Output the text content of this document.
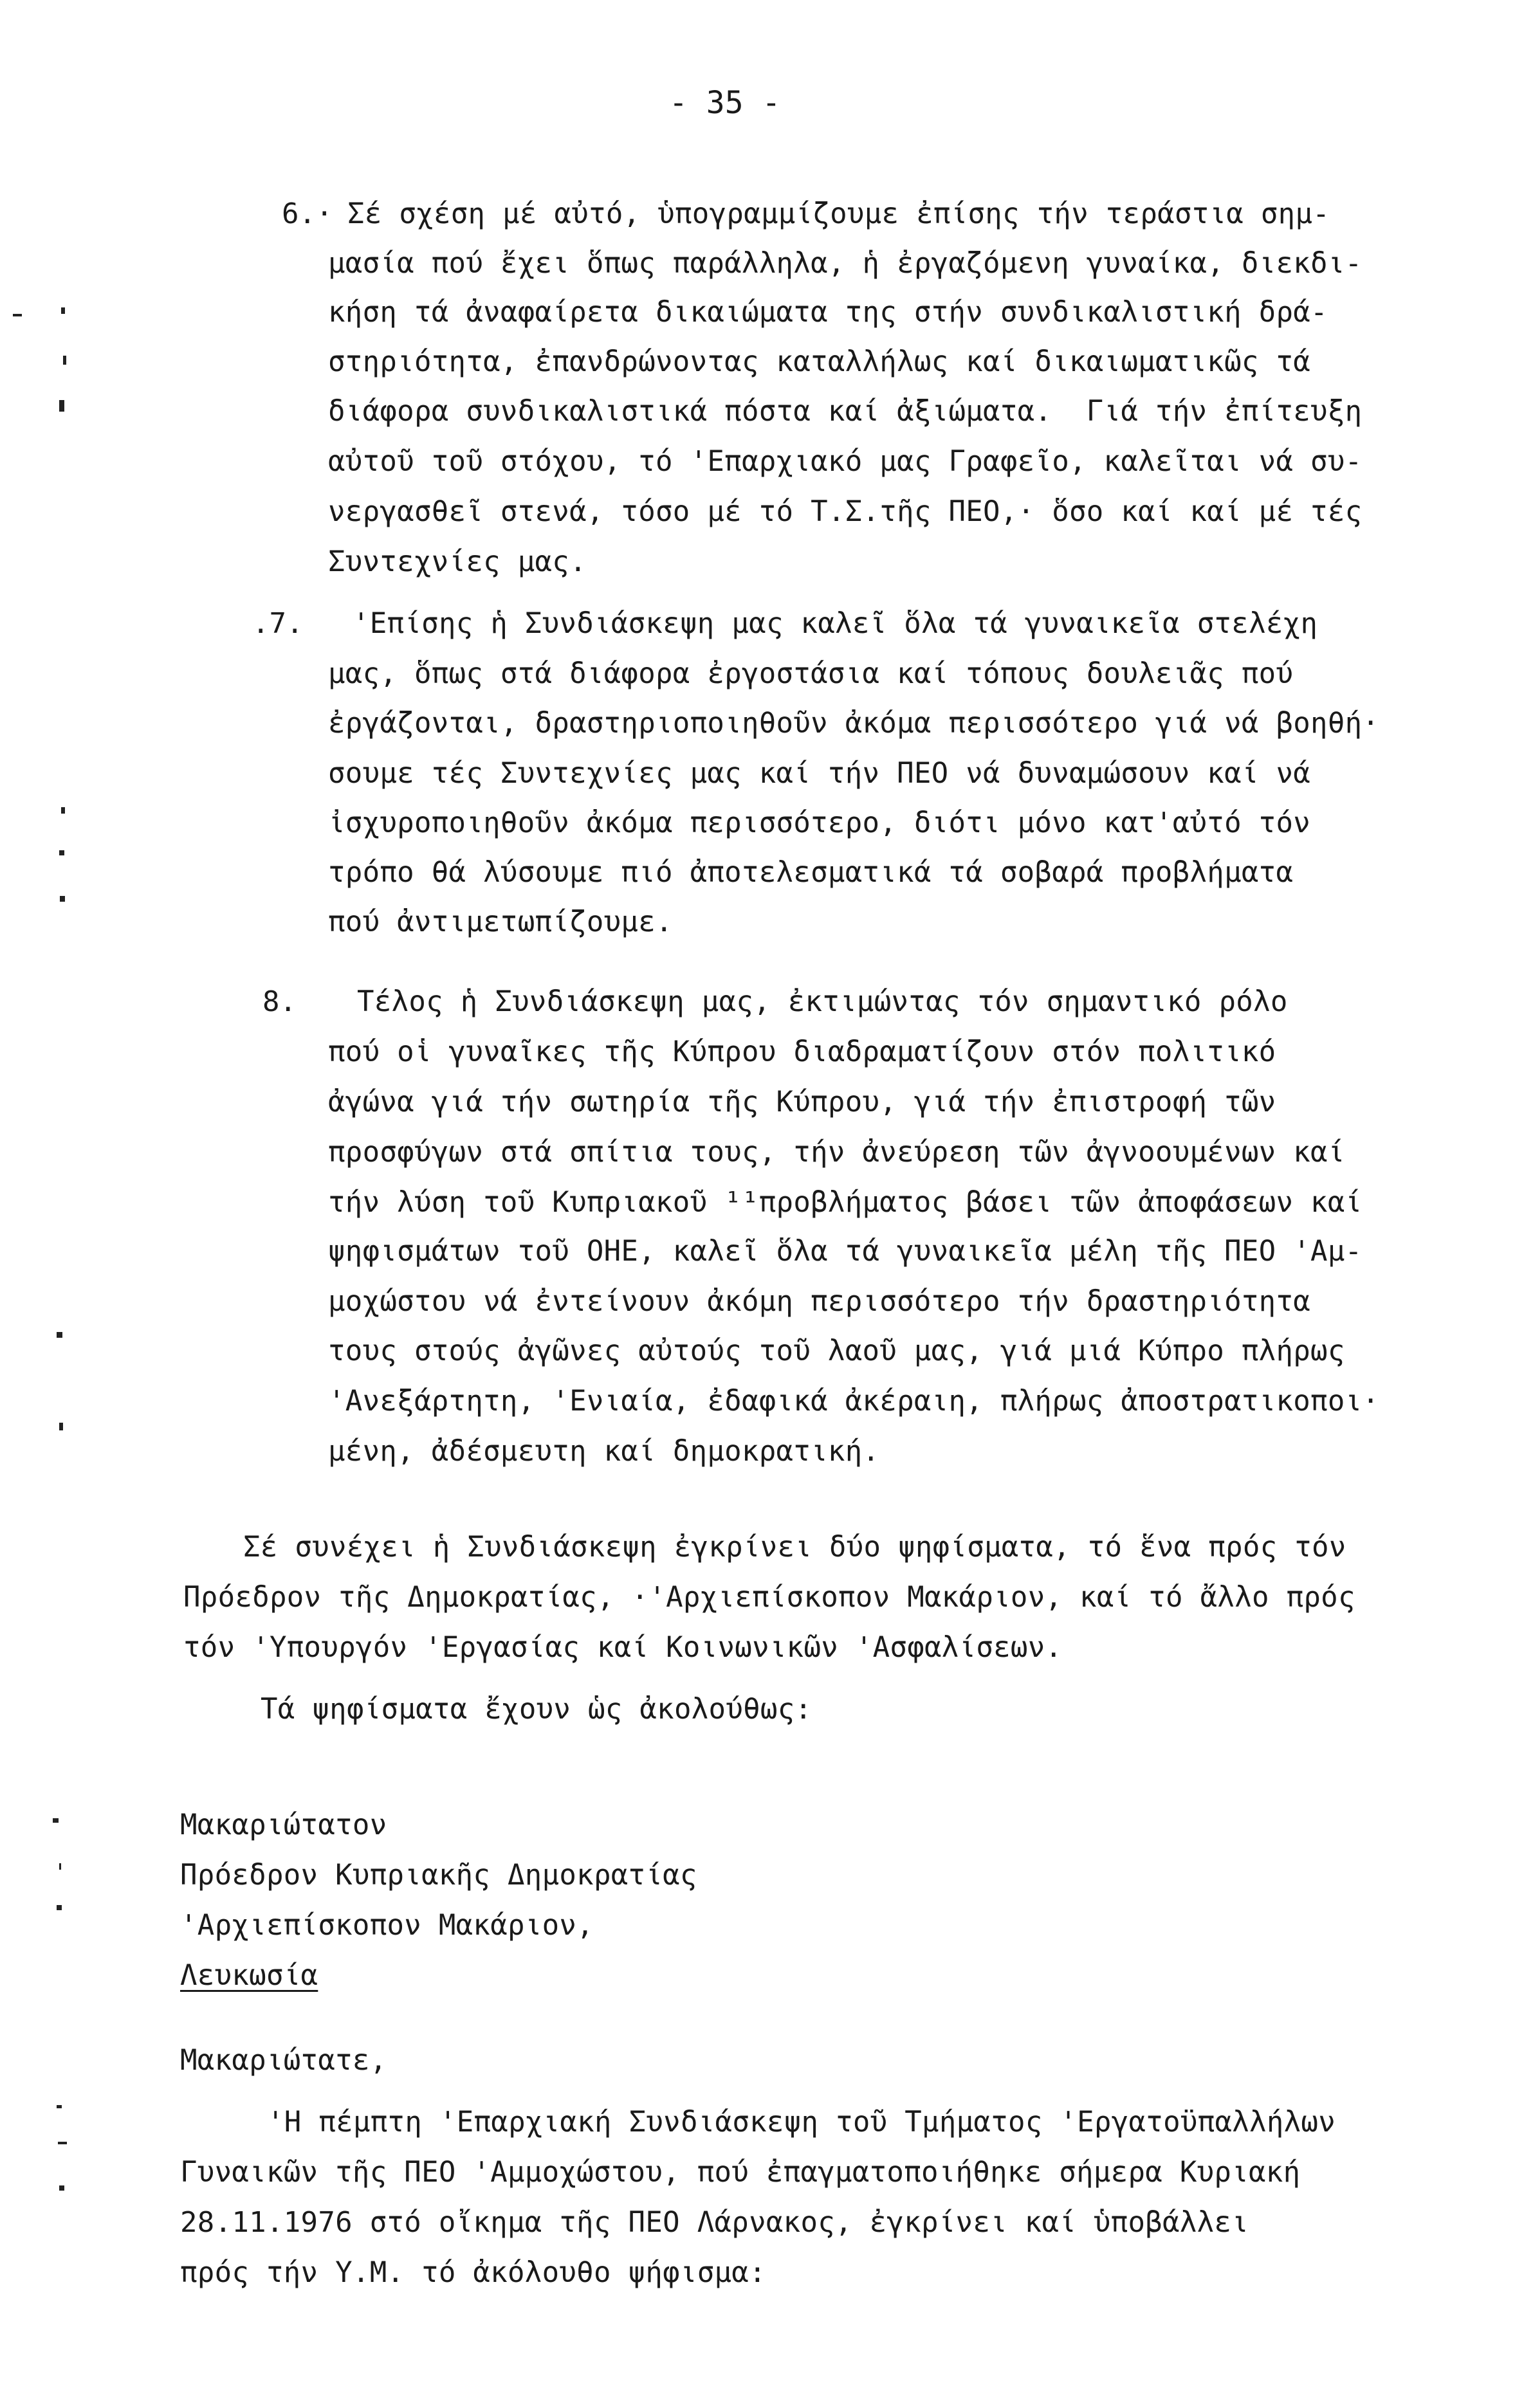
- 35 -
6.· Σέ σχέση μέ αὐτό, ὑπογραμμίζουμε ἐπίσης τήν τεράστια σημ-
μασία πού ἔχει ὅπως παράλληλα, ἡ ἐργαζόμενη γυναίκα, διεκδι-
κήση τά ἀναφαίρετα δικαιώματα της στήν συνδικαλιστική δρά-
στηριότητα, ἐπανδρώνοντας καταλλήλως καί δικαιωματικῶς τά
διάφορα συνδικαλιστικά πόστα καί ἀξιώματα.  Γιά τήν ἐπίτευξη
αὐτοῦ τοῦ στόχου, τό 'Επαρχιακό μας Γραφεῖο, καλεῖται νά συ-
νεργασθεῖ στενά, τόσο μέ τό Τ.Σ.τῆς ΠΕΟ,· ὅσο καί καί μέ τές
Συντεχνίες μας.
.7. 'Επίσης ἡ Συνδιάσκεψη μας καλεῖ ὅλα τά γυναικεῖα στελέχη
μας, ὅπως στά διάφορα ἐργοστάσια καί τόπους δουλειᾶς πού
ἐργάζονται, δραστηριοποιηθοῦν ἀκόμα περισσότερο γιά νά βοηθή·
σουμε τές Συντεχνίες μας καί τήν ΠΕΟ νά δυναμώσουν καί νά
ἰσχυροποιηθοῦν ἀκόμα περισσότερο, διότι μόνο κατ'αὐτό τόν
τρόπο θά λύσουμε πιό ἀποτελεσματικά τά σοβαρά προβλήματα
πού ἀντιμετωπίζουμε.
8. Τέλος ἡ Συνδιάσκεψη μας, ἐκτιμώντας τόν σημαντικό ρόλο
πού οἱ γυναῖκες τῆς Κύπρου διαδραματίζουν στόν πολιτικό
ἀγώνα γιά τήν σωτηρία τῆς Κύπρου, γιά τήν ἐπιστροφή τῶν
προσφύγων στά σπίτια τους, τήν ἀνεύρεση τῶν ἀγνοουμένων καί
τήν λύση τοῦ Κυπριακοῦ ¹¹προβλήματος βάσει τῶν ἀποφάσεων καί
ψηφισμάτων τοῦ ΟΗΕ, καλεῖ ὅλα τά γυναικεῖα μέλη τῆς ΠΕΟ 'Αμ-
μοχώστου νά ἐντείνουν ἀκόμη περισσότερο τήν δραστηριότητα
τους στούς ἀγῶνες αὐτούς τοῦ λαοῦ μας, γιά μιά Κύπρο πλήρως
'Ανεξάρτητη, 'Ενιαία, ἐδαφικά ἀκέραιη, πλήρως ἀποστρατικοποι·
μένη, ἀδέσμευτη καί δημοκρατική.
Σέ συνέχει ἡ Συνδιάσκεψη ἐγκρίνει δύο ψηφίσματα, τό ἕνα πρός τόν
Πρόεδρον τῆς Δημοκρατίας, ·'Αρχιεπίσκοπον Μακάριον, καί τό ἄλλο πρός
τόν 'Υπουργόν 'Εργασίας καί Κοινωνικῶν 'Ασφαλίσεων.
Τά ψηφίσματα ἔχουν ὡς ἀκολούθως:
Μακαριώτατον
Πρόεδρον Κυπριακῆς Δημοκρατίας
'Αρχιεπίσκοπον Μακάριον,
Λευκωσία
Μακαριώτατε,
'Η πέμπτη 'Επαρχιακή Συνδιάσκεψη τοῦ Τμήματος 'Εργατοϋπαλλήλων
Γυναικῶν τῆς ΠΕΟ 'Αμμοχώστου, πού ἐπαγματοποιήθηκε σήμερα Κυριακή
28.11.1976 στό οἴκημα τῆς ΠΕΟ Λάρνακος, ἐγκρίνει καί ὑποβάλλει
πρός τήν Υ.Μ. τό ἀκόλουθο ψήφισμα:
